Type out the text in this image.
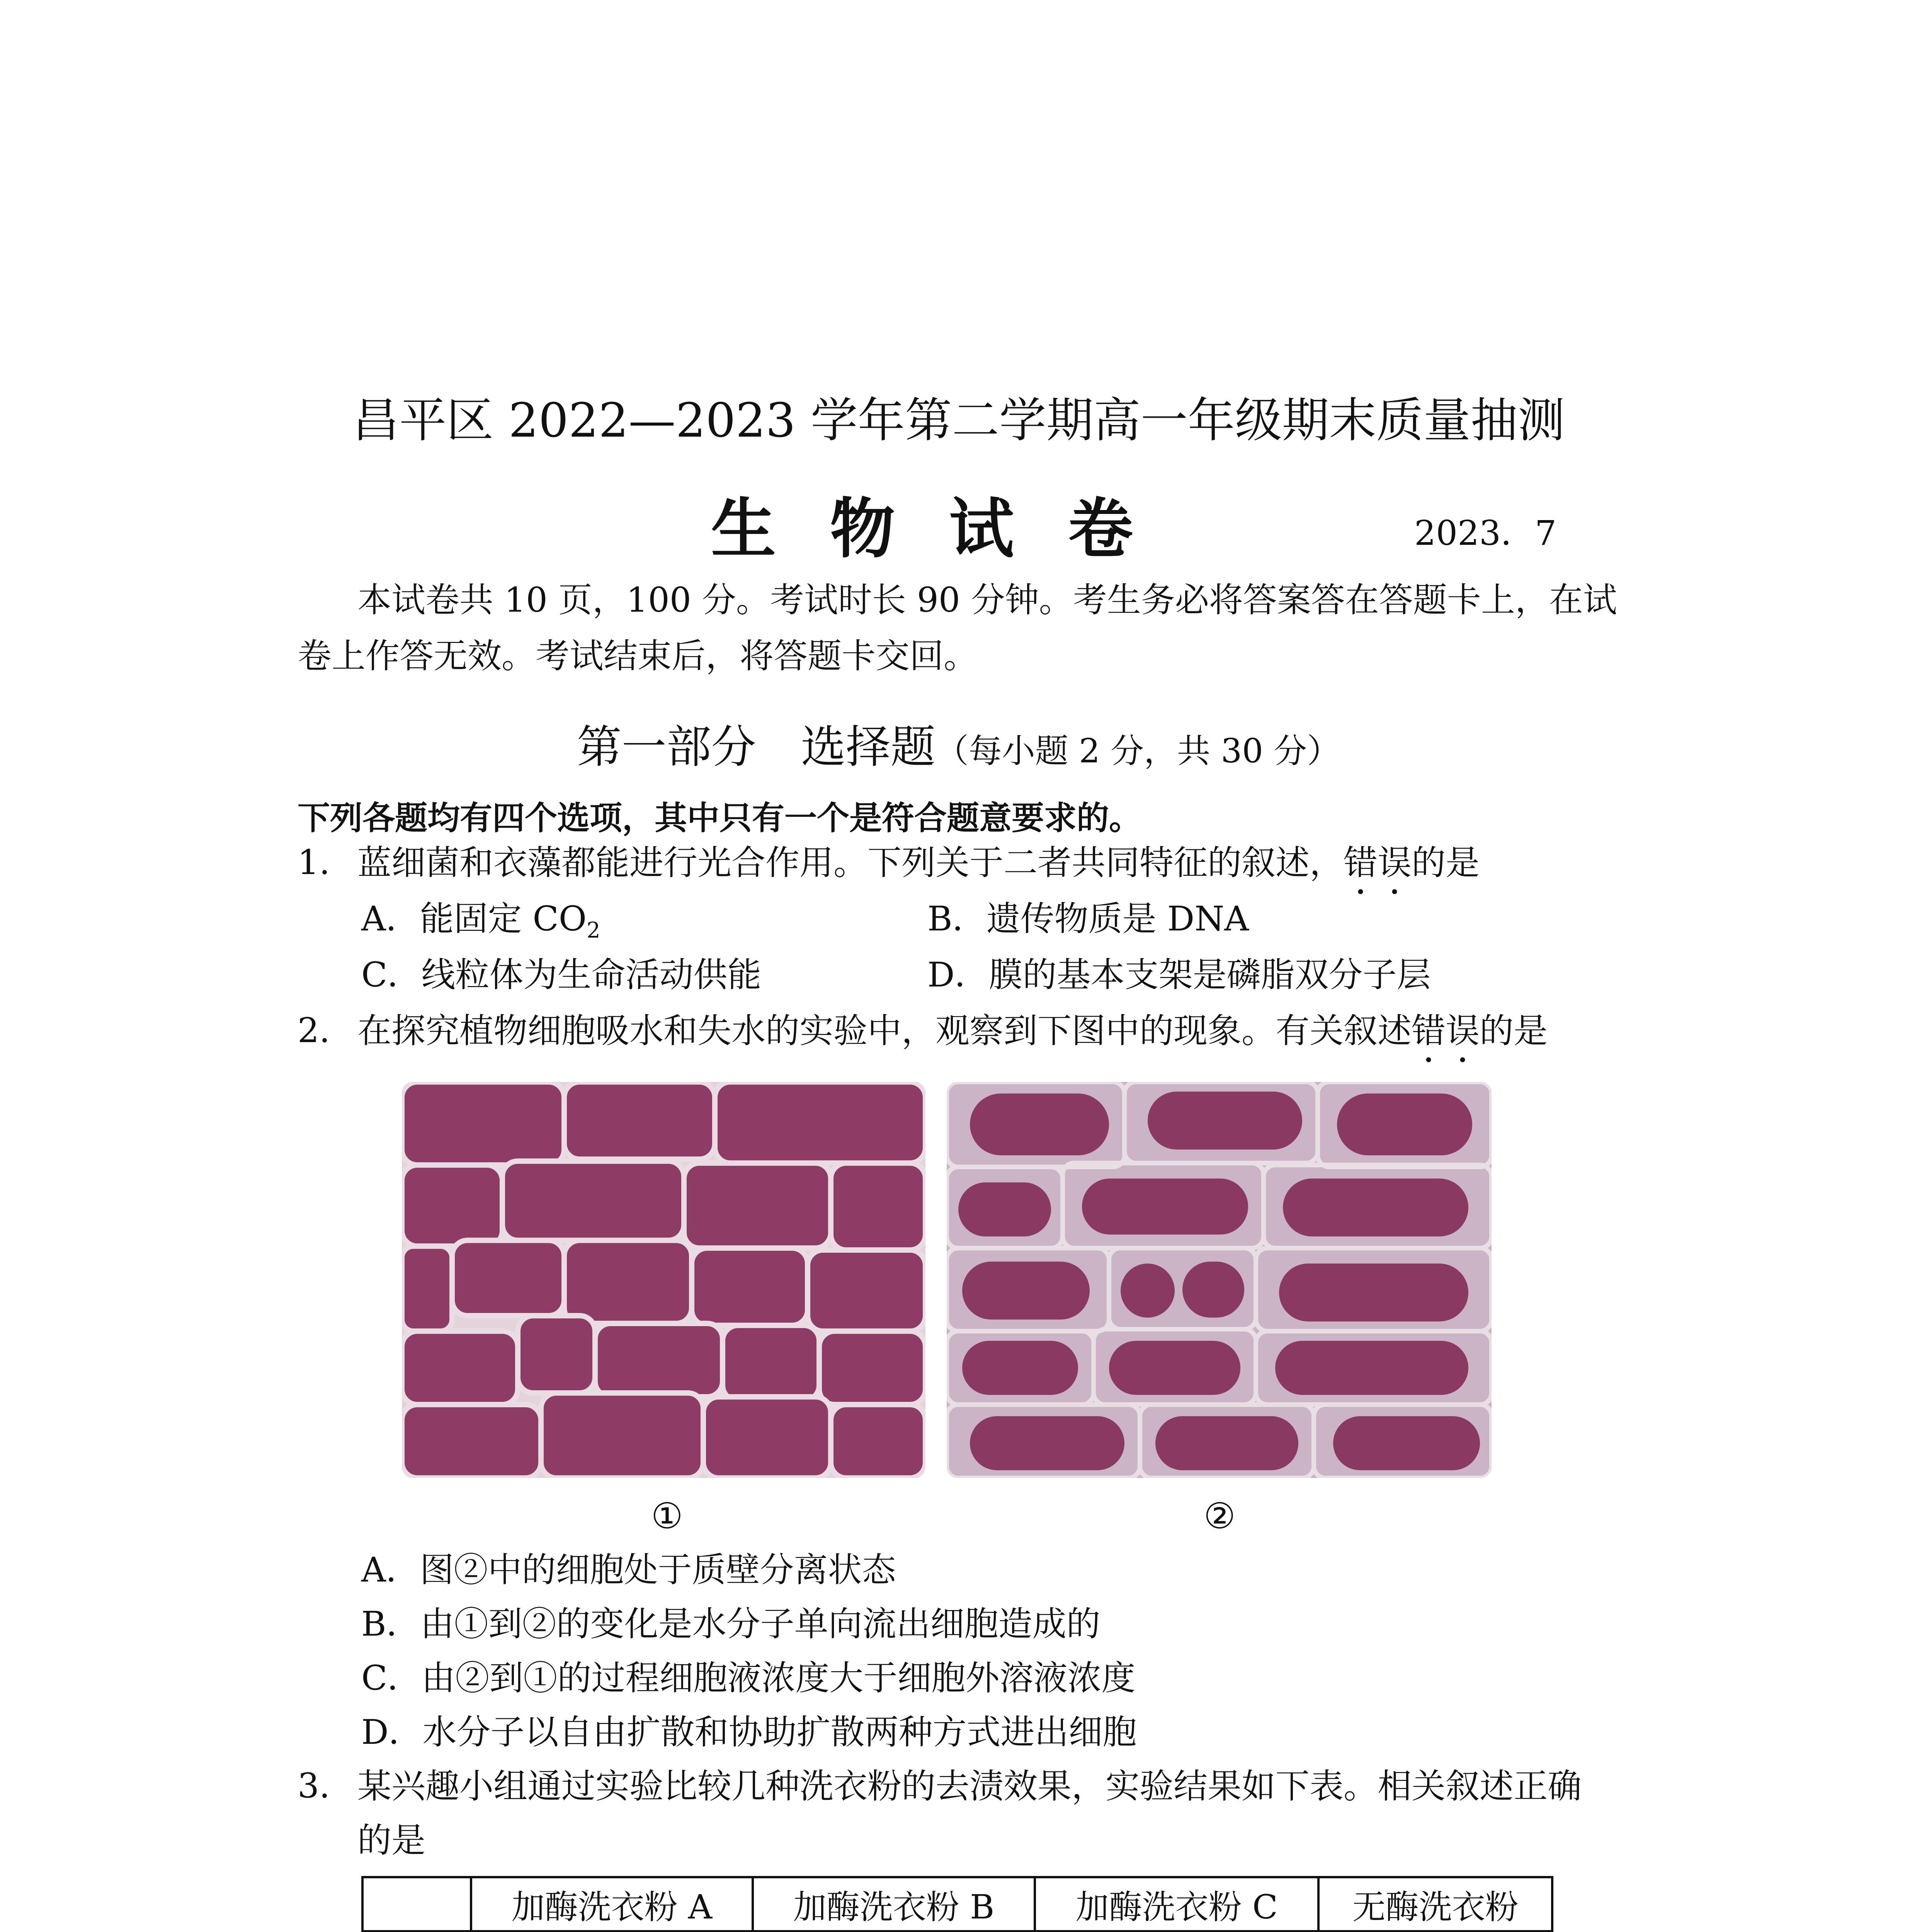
昌平区 2022—2023 学年第二学期高一年级期末质量抽测
生物试卷	2023．7
本试卷共 10 页，100 分。考试时长 90 分钟。考生务必将答案答在答题卡上，在试
卷上作答无效。考试结束后，将答题卡交回。
第一部分　选择题（每小题 2 分，共 30 分）
下列各题均有四个选项，其中只有一个是符合题意要求的。
1. 蓝细菌和衣藻都能进行光合作用。下列关于二者共同特征的叙述，错误的是
A．能固定 $CO_2$	B．遗传物质是 DNA
C．线粒体为生命活动供能	D．膜的基本支架是磷脂双分子层
2. 在探究植物细胞吸水和失水的实验中，观察到下图中的现象。有关叙述错误的是
①	②
A．图②中的细胞处于质壁分离状态
B．由①到②的变化是水分子单向流出细胞造成的
C．由②到①的过程细胞液浓度大于细胞外溶液浓度
D．水分子以自由扩散和协助扩散两种方式进出细胞
3. 某兴趣小组通过实验比较几种洗衣粉的去渍效果，实验结果如下表。相关叙述正确
的是
	加酶洗衣粉 A	加酶洗衣粉 B	加酶洗衣粉 C	无酶洗衣粉
